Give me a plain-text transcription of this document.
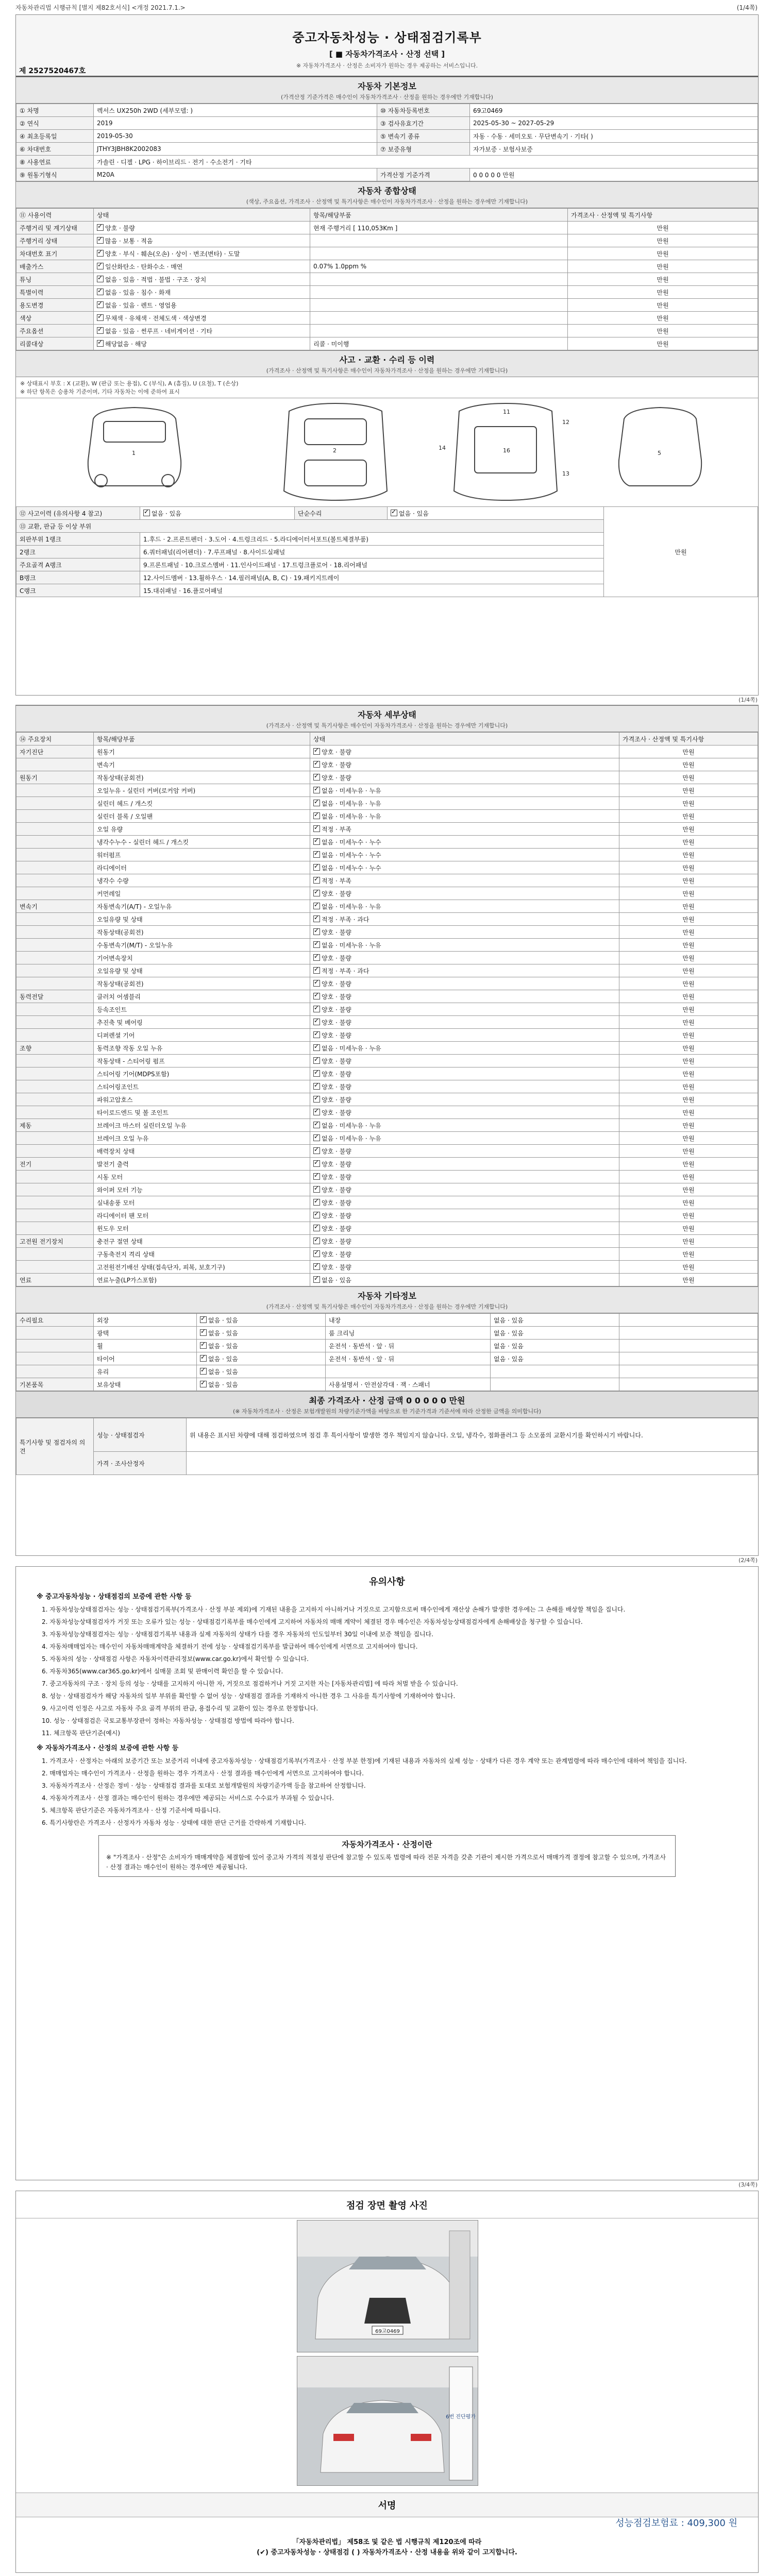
자동차관리법 시행규칙 [별지 제82호서식] <개정 2021.7.1.>	(1/4쪽)
중고자동차성능 · 상태점검기록부
[ ■ 자동차가격조사 · 산정 선택 ]
※ 자동차가격조사 · 산정은 소비자가 원하는 경우 제공하는 서비스입니다.
제 2527520467호
자동차 기본정보
(가격산정 기준가격은 매수인이 자동차가격조사 · 산정을 원하는 경우에만 기재합니다)
① 차명	렉서스 UX250h 2WD (세부모델: )	⑩ 자동차등록번호	69고0469
② 연식	2019	③ 검사유효기간	2025-05-30 ~ 2027-05-29
④ 최초등록일	2019-05-30	⑤ 변속기 종류	자동 · 수동 · 세미오토 · 무단변속기 · 기타( )
⑥ 차대번호	JTHY3JBH8K2002083	⑦ 보증유형	자가보증 · 보험사보증
⑧ 사용연료	가솔린 · 디젤 · LPG · 하이브리드 · 전기 · 수소전기 · 기타		
⑨ 원동기형식	M20A	가격산정 기준가격	0 0 0 0 0 만원
자동차 종합상태
(색상, 주요옵션, 가격조사 · 산정액 및 특기사항은 매수인이 자동차가격조사 · 산정을 원하는 경우에만 기재합니다)
⑪ 사용이력	상태	항목/해당부품	가격조사 · 산정액 및 특기사항
주행거리 및 계기상태	✓양호 · 불량	현재 주행거리 [ 110,053Km ]	만원
주행거리 상태	✓많음 · 보통 · 적음		만원
차대번호 표기	✓양호 · 부식 · 훼손(오손) · 상이 · 변조(변타) · 도말		만원
배출가스	✓일산화탄소 · 탄화수소 · 매연	0.07% 1.0ppm %	만원
튜닝	✓없음 · 있음 · 적법 · 불법 · 구조 · 장치		만원
특별이력	✓없음 · 있음 · 침수 · 화재		만원
용도변경	✓없음 · 있음 · 렌트 · 영업용		만원
색상	✓무채색 · 유채색 · 전체도색 · 색상변경		만원
주요옵션	✓없음 · 있음 · 썬루프 · 네비게이션 · 기타		만원
리콜대상	✓해당없음 · 해당	리콜 · 미이행	만원
사고 · 교환 · 수리 등 이력
(가격조사 · 산정액 및 특기사항은 매수인이 자동차가격조사 · 산정을 원하는 경우에만 기재합니다)
※ 상태표시 부호 : X (교환), W (판금 또는 용접), C (부식), A (흠집), U (요철), T (손상)
※ 하단 항목은 승용차 기준이며, 기타 자동차는 이에 준하여 표시
1	2
11
16
12
13
5
14
⑫ 사고이력 (유의사항 4 참고)	✓없음 · 있음	단순수리	✓없음 · 있음	만원
⑬ 교환, 판금 등 이상 부위				
외판부위 1랭크	1.후드 · 2.프론트펜더 · 3.도어 · 4.트렁크리드 · 5.라디에이터서포트(볼트체결부품)			
2랭크	6.쿼터패널(리어펜더) · 7.루프패널 · 8.사이드실패널			
주요골격 A랭크	9.프론트패널 · 10.크로스멤버 · 11.인사이드패널 · 17.트렁크플로어 · 18.리어패널			
B랭크	12.사이드멤버 · 13.휠하우스 · 14.필러패널(A, B, C) · 19.패키지트레이			
C랭크	15.대쉬패널 · 16.플로어패널			
(1/4쪽)
자동차 세부상태
(가격조사 · 산정액 및 특기사항은 매수인이 자동차가격조사 · 산정을 원하는 경우에만 기재합니다)
⑭ 주요장치	항목/해당부품	상태	가격조사 · 산정액 및 특기사항
자기진단	원동기	✓양호 · 불량	만원
	변속기	✓양호 · 불량	만원
원동기	작동상태(공회전)	✓양호 · 불량	만원
	오일누유 - 실린더 커버(로커암 커버)	✓없음 · 미세누유 · 누유	만원
	실린더 헤드 / 개스킷	✓없음 · 미세누유 · 누유	만원
	실린더 블록 / 오일팬	✓없음 · 미세누유 · 누유	만원
	오일 유량	✓적정 · 부족	만원
	냉각수누수 - 실린더 헤드 / 개스킷	✓없음 · 미세누수 · 누수	만원
	워터펌프	✓없음 · 미세누수 · 누수	만원
	라디에이터	✓없음 · 미세누수 · 누수	만원
	냉각수 수량	✓적정 · 부족	만원
	커먼레일	✓양호 · 불량	만원
변속기	자동변속기(A/T) - 오일누유	✓없음 · 미세누유 · 누유	만원
	오일유량 및 상태	✓적정 · 부족 · 과다	만원
	작동상태(공회전)	✓양호 · 불량	만원
	수동변속기(M/T) - 오일누유	✓없음 · 미세누유 · 누유	만원
	기어변속장치	✓양호 · 불량	만원
	오일유량 및 상태	✓적정 · 부족 · 과다	만원
	작동상태(공회전)	✓양호 · 불량	만원
동력전달	클러치 어셈블리	✓양호 · 불량	만원
	등속조인트	✓양호 · 불량	만원
	추진축 및 베어링	✓양호 · 불량	만원
	디퍼렌셜 기어	✓양호 · 불량	만원
조향	동력조향 작동 오일 누유	✓없음 · 미세누유 · 누유	만원
	작동상태 - 스티어링 펌프	✓양호 · 불량	만원
	스티어링 기어(MDPS포함)	✓양호 · 불량	만원
	스티어링조인트	✓양호 · 불량	만원
	파워고압호스	✓양호 · 불량	만원
	타이로드엔드 및 볼 조인트	✓양호 · 불량	만원
제동	브레이크 마스터 실린더오일 누유	✓없음 · 미세누유 · 누유	만원
	브레이크 오일 누유	✓없음 · 미세누유 · 누유	만원
	배력장치 상태	✓양호 · 불량	만원
전기	발전기 출력	✓양호 · 불량	만원
	시동 모터	✓양호 · 불량	만원
	와이퍼 모터 기능	✓양호 · 불량	만원
	실내송풍 모터	✓양호 · 불량	만원
	라디에이터 팬 모터	✓양호 · 불량	만원
	윈도우 모터	✓양호 · 불량	만원
고전원 전기장치	충전구 절연 상태	✓양호 · 불량	만원
	구동축전지 격리 상태	✓양호 · 불량	만원
	고전원전기배선 상태(접속단자, 피복, 보호기구)	✓양호 · 불량	만원
연료	연료누출(LP가스포함)	✓없음 · 있음	만원
자동차 기타정보
(가격조사 · 산정액 및 특기사항은 매수인이 자동차가격조사 · 산정을 원하는 경우에만 기재합니다)
수리필요	외장	✓없음 · 있음	내장	없음 · 있음	
	광택	✓없음 · 있음	룸 크리닝	없음 · 있음	
	휠	✓없음 · 있음	운전석 · 동반석 · 앞 · 뒤	없음 · 있음	
	타이어	✓없음 · 있음	운전석 · 동반석 · 앞 · 뒤	없음 · 있음	
	유리	✓없음 · 있음			
기본품목	보유상태	✓없음 · 있음	사용설명서 · 안전삼각대 · 잭 · 스패너		
최종 가격조사 · 산정 금액 0 0 0 0 0 만원
(※ 자동차가격조사 · 산정은 보험개발원의 차량기준가액을 바탕으로 한 기준가격과 기준서에 따라 산정한 금액을 의미합니다)
특기사항 및 점검자의 의견	성능 · 상태점검자	위 내용은 표시된 차량에 대해 점검하였으며 점검 후 특이사항이 발생한 경우 책임지지 않습니다. 오일, 냉각수, 점화플러그 등 소모품의 교환시기를 확인하시기 바랍니다.
	가격 · 조사산정자	
(2/4쪽)
유의사항
※ 중고자동차성능 · 상태점검의 보증에 관한 사항 등
1. 자동차성능상태점검자는 성능 · 상태점검기록부(가격조사 · 산정 부분 제외)에 기재된 내용을 고지하지 아니하거나 거짓으로 고지함으로써 매수인에게 재산상 손해가 발생한 경우에는 그 손해를 배상할 책임을 집니다.
2. 자동차성능상태점검자가 거짓 또는 오류가 있는 성능 · 상태점검기록부를 매수인에게 고지하여 자동차의 매매 계약이 체결된 경우 매수인은 자동차성능상태점검자에게 손해배상을 청구할 수 있습니다.
3. 자동차성능상태점검자는 성능 · 상태점검기록부 내용과 실제 자동차의 상태가 다를 경우 자동차의 인도일부터 30일 이내에 보증 책임을 집니다.
4. 자동차매매업자는 매수인이 자동차매매계약을 체결하기 전에 성능 · 상태점검기록부를 발급하여 매수인에게 서면으로 고지하여야 합니다.
5. 자동차의 성능 · 상태점검 사항은 자동차이력관리정보(www.car.go.kr)에서 확인할 수 있습니다.
6. 자동차365(www.car365.go.kr)에서 실매물 조회 및 판매이력 확인을 할 수 있습니다.
7. 중고자동차의 구조 · 장치 등의 성능 · 상태를 고지하지 아니한 자, 거짓으로 점검하거나 거짓 고지한 자는 [자동차관리법] 에 따라 처벌 받을 수 있습니다.
8. 성능 · 상태점검자가 해당 자동차의 일부 부위를 확인할 수 없어 성능 · 상태점검 결과를 기재하지 아니한 경우 그 사유를 특기사항에 기재하여야 합니다.
9. 사고이력 인정은 사고로 자동차 주요 골격 부위의 판금, 용접수리 및 교환이 있는 경우로 한정합니다.
10. 성능 · 상태점검은 국토교통부장관이 정하는 자동차성능 · 상태점검 방법에 따라야 합니다.
11. 체크항목 판단기준(예시)
※ 자동차가격조사 · 산정의 보증에 관한 사항 등
1. 가격조사 · 산정자는 아래의 보증기간 또는 보증거리 이내에 중고자동차성능 · 상태점검기록부(가격조사 · 산정 부분 한정)에 기재된 내용과 자동차의 실제 성능 · 상태가 다른 경우 계약 또는 관계법령에 따라 매수인에 대하여 책임을 집니다.
2. 매매업자는 매수인이 가격조사 · 산정을 원하는 경우 가격조사 · 산정 결과를 매수인에게 서면으로 고지하여야 합니다.
3. 자동차가격조사 · 산정은 정비 · 성능 · 상태점검 결과를 토대로 보험개발원의 차량기준가액 등을 참고하여 산정합니다.
4. 자동차가격조사 · 산정 결과는 매수인이 원하는 경우에만 제공되는 서비스로 수수료가 부과될 수 있습니다.
5. 체크항목 판단기준은 자동차가격조사 · 산정 기준서에 따릅니다.
6. 특기사항란은 가격조사 · 산정자가 자동차 성능 · 상태에 대한 판단 근거를 간략하게 기재합니다.
자동차가격조사 · 산정이란
※ "가격조사 · 산정"은 소비자가 매매계약을 체결함에 있어 중고차 가격의 적절성 판단에 참고할 수 있도록 법령에 따라 전문 자격을 갖춘 기관이 제시한 가격으로서 매매가격 결정에 참고할 수 있으며, 가격조사 · 산정 결과는 매수인이 원하는 경우에만 제공됩니다.
(3/4쪽)
점검 장면 촬영 사진
69고0469
6번 진단평가
서명
성능점검보험료 : 409,300 원
「자동차관리법」 제58조 및 같은 법 시행규칙 제120조에 따라
(✔) 중고자동차성능 · 상태점검 ( ) 자동차가격조사 · 산정 내용을 위와 같이 고지합니다.
